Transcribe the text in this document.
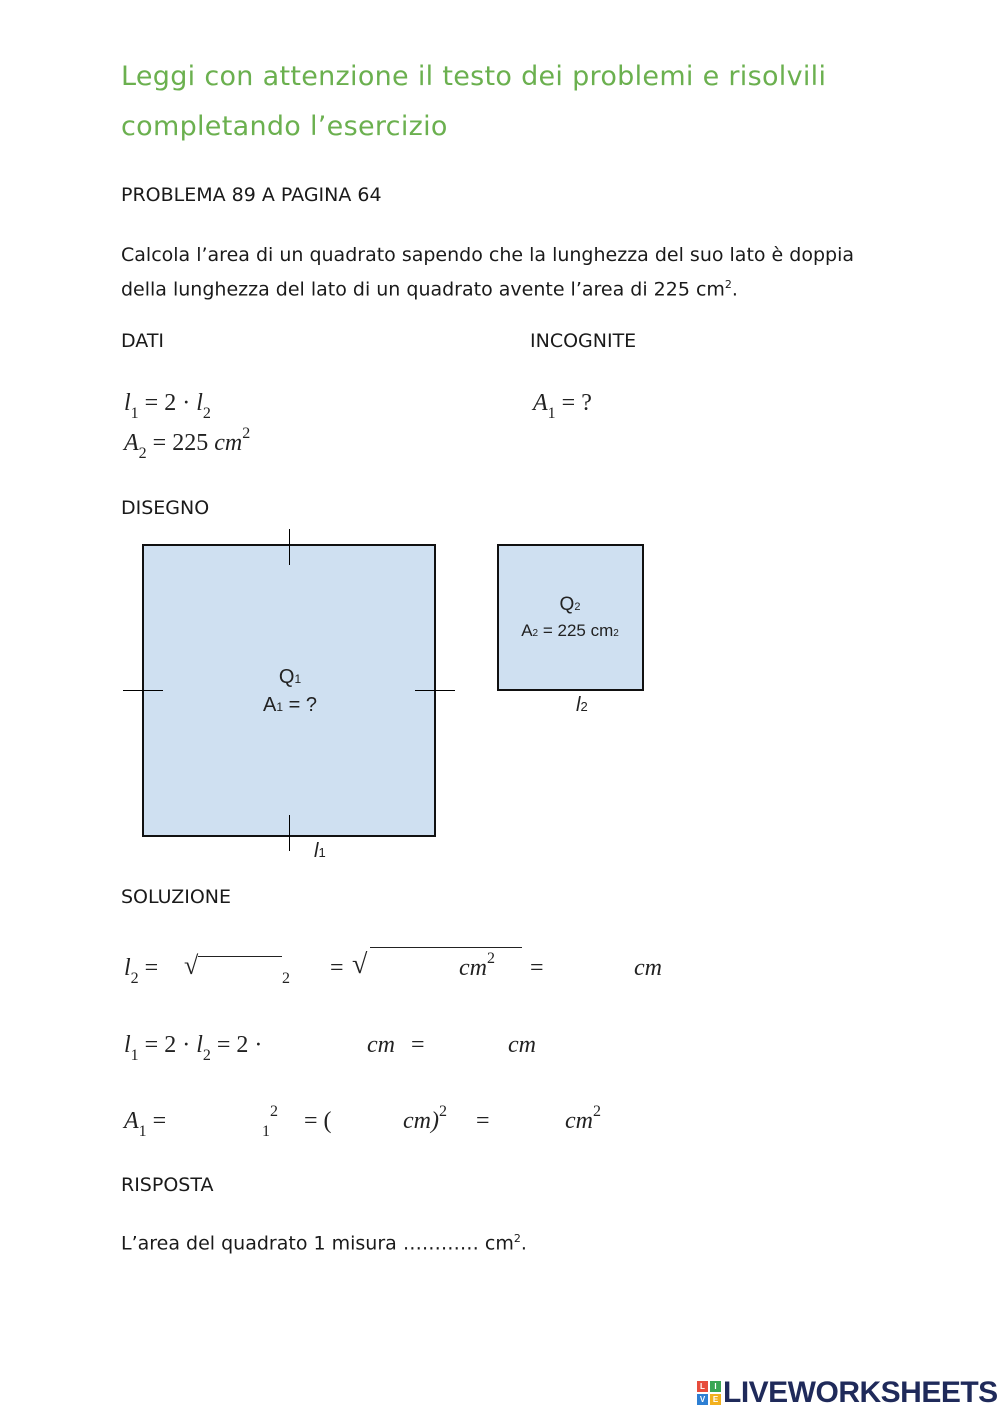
Leggi con attenzione il testo dei problemi e risolvili
completando l’esercizio
PROBLEMA 89 A PAGINA 64
Calcola l’area di un quadrato sapendo che la lunghezza del suo lato è doppia
della lunghezza del lato di un quadrato avente l’area di 225 $cm^2$.
DATI	INCOGNITE
$l_1 = 2 \cdot l_2$
$A_2 = 225$ $cm^2$
$A_1$ = ?
DISEGNO
Q1
A1 = ?
l1
Q2
A2 = 225 cm2
l2
SOLUZIONE
$l_2$ = √	2 = √	$cm^2$ =	cm
$l_1 = 2 \cdot l_2 = 2$ ·	cm =	cm
$A_1$ =	$_1^2$ = (	cm)$^2$ =	$cm^2$
RISPOSTA
L’area del quadrato 1 misura ………… $cm^2$.
L	I
V E LIVEWORKSHEETS
